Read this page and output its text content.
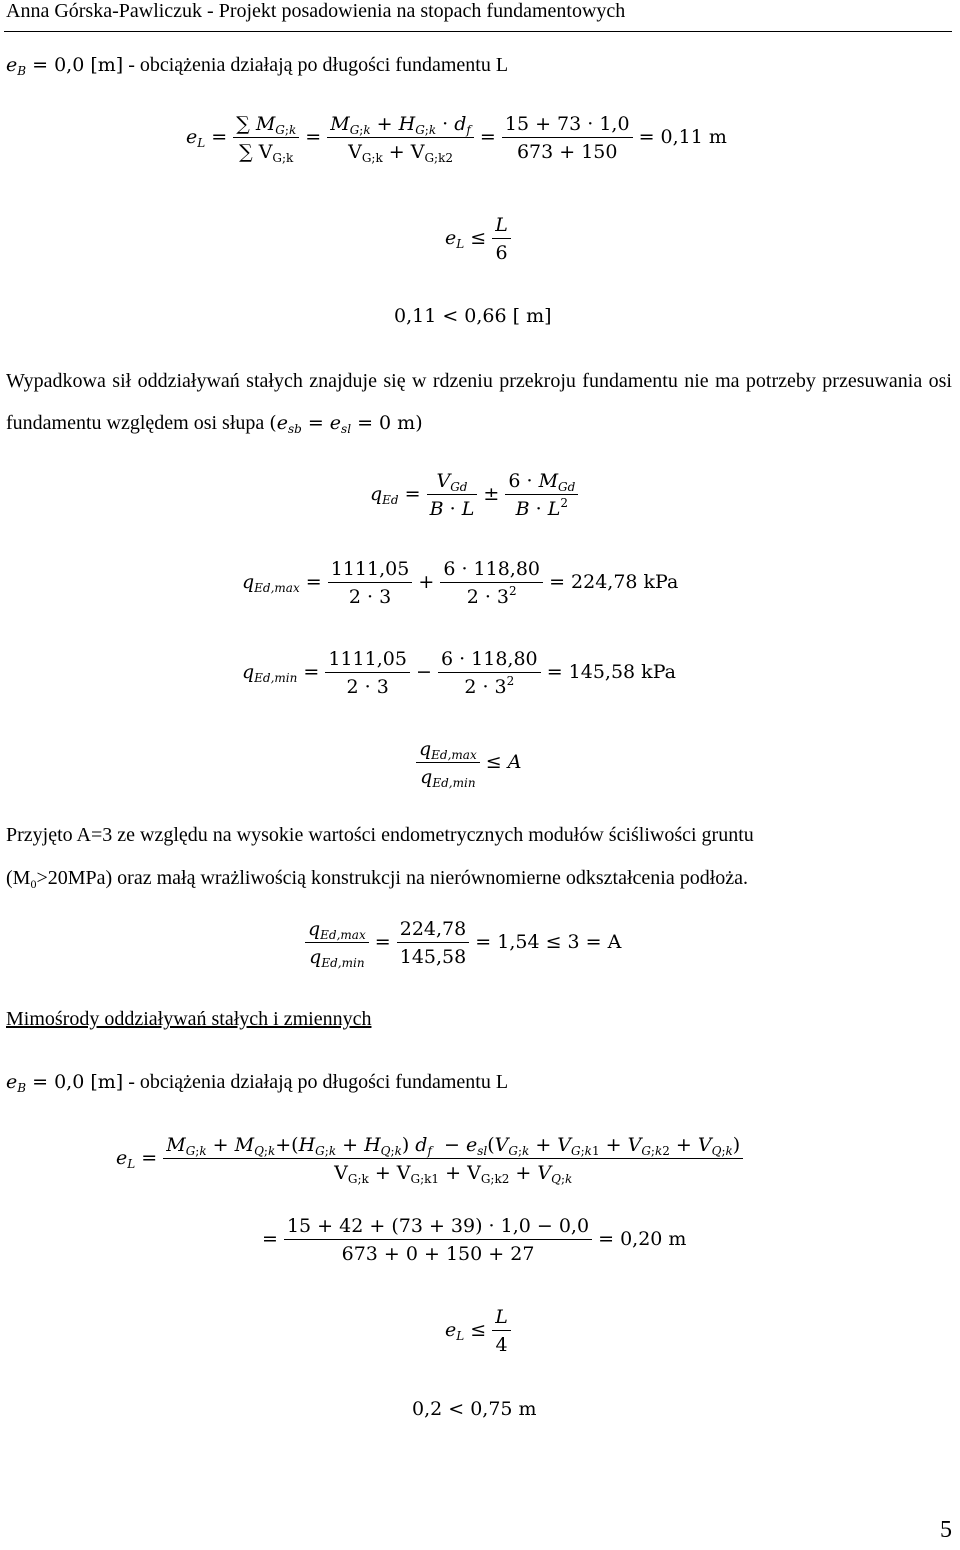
Anna Górska-Pawliczuk - Projekt posadowienia na stopach fundamentowych
$e_B = 0,0$ [m] - obciążenia działają po długości fundamentu L
$e_L = \frac{\sum M_{G;k}}{\sum V_{G;k}} = \frac{M_{G;k} + H_{G;k} \cdot d_f}{V_{G;k} + V_{G;k2}} = \frac{15 + 73 \cdot 1,0}{673 + 150} = 0,11$ m
$e_L \le \frac{L}{6}$
0,11 < 0,66 [ m]
Wypadkowa sił oddziaływań stałych znajduje się w rdzeniu przekroju fundamentu nie ma potrzeby przesuwania osi fundamentu względem osi słupa ($e_{sb} = e_{sl} = 0$ m)
$q_{Ed} = \frac{V_{Gd}}{B \cdot L} \pm \frac{6 \cdot M_{Gd}}{B \cdot L^2}$
$q_{Ed,max} = \frac{1111,05}{2 \cdot 3} + \frac{6 \cdot 118,80}{2 \cdot 3^2} = 224,78$ kPa
$q_{Ed,min} = \frac{1111,05}{2 \cdot 3} - \frac{6 \cdot 118,80}{2 \cdot 3^2} = 145,58$ kPa
$\frac{q_{Ed,max}}{q_{Ed,min}} \le A$
Przyjęto A=3 ze względu na wysokie wartości endometrycznych modułów ściśliwości gruntu
$(M_0>20MPa)$ oraz małą wrażliwością konstrukcji na nierównomierne odkształcenia podłoża.
$\frac{q_{Ed,max}}{q_{Ed,min}} = \frac{224,78}{145,58} = 1,54 \le 3 = A$
Mimośrody oddziaływań stałych i zmiennych
$e_B = 0,0$ [m] - obciążenia działają po długości fundamentu L
$e_L$ =
$M_{G;k} + M_{Q;k}+(H_{G;k} + H_{Q;k}) d_f - e_{sl}(V_{G;k} + V_{G;k1} + V_{G;k2} + V_{Q;k})$
$V_{G;k} + V_{G;k1} + V_{G;k2} + V_{Q;k}$
= $\frac{15 + 42 + (73 + 39) \cdot 1,0 - 0,0}{673 + 0 + 150 + 27} = 0,20$ m
$e_L \le \frac{L}{4}$
0,2 < 0,75 m
5
